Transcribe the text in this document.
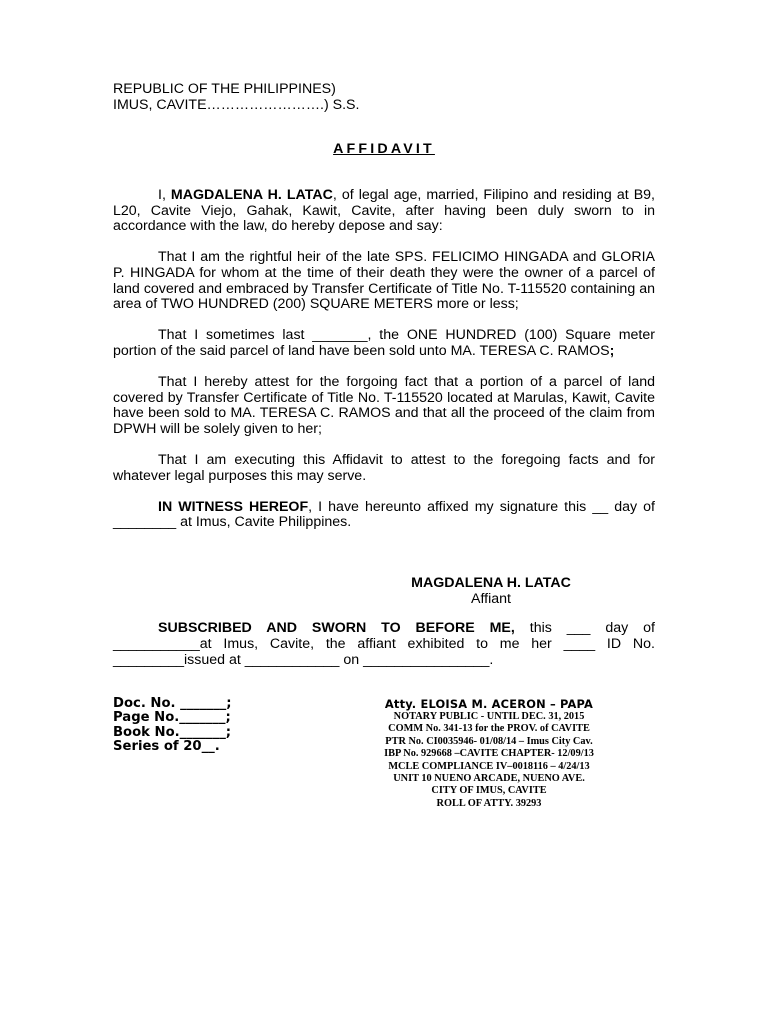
REPUBLIC OF THE PHILIPPINES)
IMUS, CAVITE…………………….) S.S.
AFFIDAVIT

I, MAGDALENA H. LATAC, of legal age, married, Filipino and residing at B9, L20, Cavite Viejo, Gahak, Kawit, Cavite, after having been duly sworn to in accordance with the law, do hereby depose and say:

That I am the rightful heir of the late SPS. FELICIMO HINGADA and GLORIA P. HINGADA for whom at the time of their death they were the owner of a parcel of land covered and embraced by Transfer Certificate of Title No. T-115520 containing an area of TWO HUNDRED (200) SQUARE METERS more or less;

That I sometimes last _______, the ONE HUNDRED (100) Square meter portion of the said parcel of land have been sold unto MA. TERESA C. RAMOS;

That I hereby attest for the forgoing fact that a portion of a parcel of land covered by Transfer Certificate of Title No. T-115520 located at Marulas, Kawit, Cavite have been sold to MA. TERESA C. RAMOS and that all the proceed of the claim from DPWH will be solely given to her;

That I am executing this Affidavit to attest to the foregoing facts and for whatever legal purposes this may serve.

IN WITNESS HEREOF, I have hereunto affixed my signature this __ day of ________ at Imus, Cavite Philippines.

MAGDALENA H. LATAC
Affiant
SUBSCRIBED AND SWORN TO BEFORE ME, this ___ day of ___________at Imus, Cavite, the affiant exhibited to me her ____ ID No. _________issued at ____________ on ________________.
Doc. No. _______;
Page No._______;
Book No._______;
Series of 20__.
Atty. ELOISA M. ACERON – PAPA
NOTARY PUBLIC - UNTIL DEC. 31, 2015
COMM No. 341-13 for the PROV. of CAVITE
PTR No. CI0035946- 01/08/14 – Imus City Cav.
IBP No. 929668 –CAVITE CHAPTER- 12/09/13
MCLE COMPLIANCE IV–0018116 – 4/24/13
UNIT 10 NUENO ARCADE, NUENO AVE.
CITY OF IMUS, CAVITE
ROLL OF ATTY. 39293
